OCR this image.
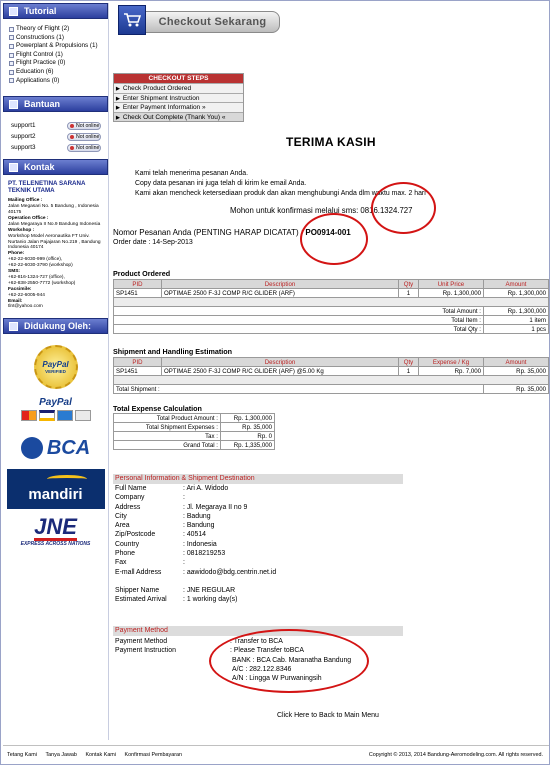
Tutorial
Theory of Flight (2)
Constructions (1)
Powerplant & Propulsions (1)
Flight Control (1)
Flight Practice (0)
Education (6)
Applications (0)
Bantuan
support1	Not online
support2	Not online
support3	Not online
Kontak
PT. TELENETINA SARANA TEKNIK UTAMA
Mailing Office :
Jalan Megasari No. 5 Bandung , Indonesia 40175
Operation Office :
Jalan Megaraya II No.9 Bandung Indonesia
Workshop :
Workshop Model Aeronautika FT Univ. Nurtanio Jalan Pajajaran No.219 , Bandung Indonesia 40174
Phone:
+62-22-6030-999 (office),
+62-22-6030-3790 (workshop)
SMS:
+62-816-1324-727 (office),
+62-838-2550-7772 (workshop)
Facsimile:
+62-22-6005-944
Email:
tlnt@yahoo.com
Didukung Oleh:
PayPal
VERIFIED
PayPal
BCA
mandiri
JNE
EXPRESS ACROSS NATIONS
Checkout Sekarang
CHECKOUT STEPS
▶ Check Product Ordered
▶ Enter Shipment Instruction
▶ Enter Payment Information »
▶ Check Out Complete (Thank You) «
TERIMA KASIH
Kami telah menerima pesanan Anda.
Copy data pesanan ini juga telah di kirim ke email Anda.
Kami akan mencheck ketersediaan produk dan akan menghubungi Anda dlm waktu max. 2 hari
Mohon untuk konfirmasi melalui sms: 0816.1324.727
Nomor Pesanan Anda (PENTING HARAP DICATAT) : PO0914-001
Order date : 14-Sep-2013
Product Ordered
PID	Description	Qty	Unit Price	Amount
SP1451	OPTIMAE 2500 F-3J COMP R/C GLIDER (ARF)	1	Rp. 1,300,000	Rp. 1,300,000

Total Amount :				Rp. 1,300,000
Total Item :				1 item
Total Qty :				1 pcs
Shipment and Handling Estimation
PID	Description	Qty	Expense / Kg	Amount
SP1451	OPTIMAE 2500 F-3J COMP R/C GLIDER (ARF) @5.00 Kg	1	Rp. 7,000	Rp. 35,000

Total Shipment :				Rp. 35,000
Total Expense Calculation
Total Product Amount :	Rp. 1,300,000
Total Shipment Expenses :	Rp. 35,000
Tax :	Rp. 0
Grand Total :	Rp. 1,335,000
Personal Information & Shipment Destination
Full Name	: Ari A. Widodo
Company	:
Address	: Jl. Megaraya II no 9
City	: Badung
Area	: Bandung
Zip/Postcode	: 40514
Country	: Indonesia
Phone	: 0818219253
Fax	:
E-mall Address	: aawidodo@bdg.centrin.net.id
Shipper Name	: JNE REGULAR
Estimated Arrival	: 1 working day(s)
Payment Method
Payment Method	: Transfer to BCA
Payment Instruction	: Please Transfer toBCA
BANK : BCA Cab. Maranatha Bandung
A/C : 282.122.8346
A/N : Lingga W Purwaningsih
Click Here to Back to Main Menu
Tetang Kami Tanya Jawab Kontak Kami Konfirmasi Pembayaran	Copyright © 2013, 2014 Bandung-Aeromodeling.com. All rights reserved.
